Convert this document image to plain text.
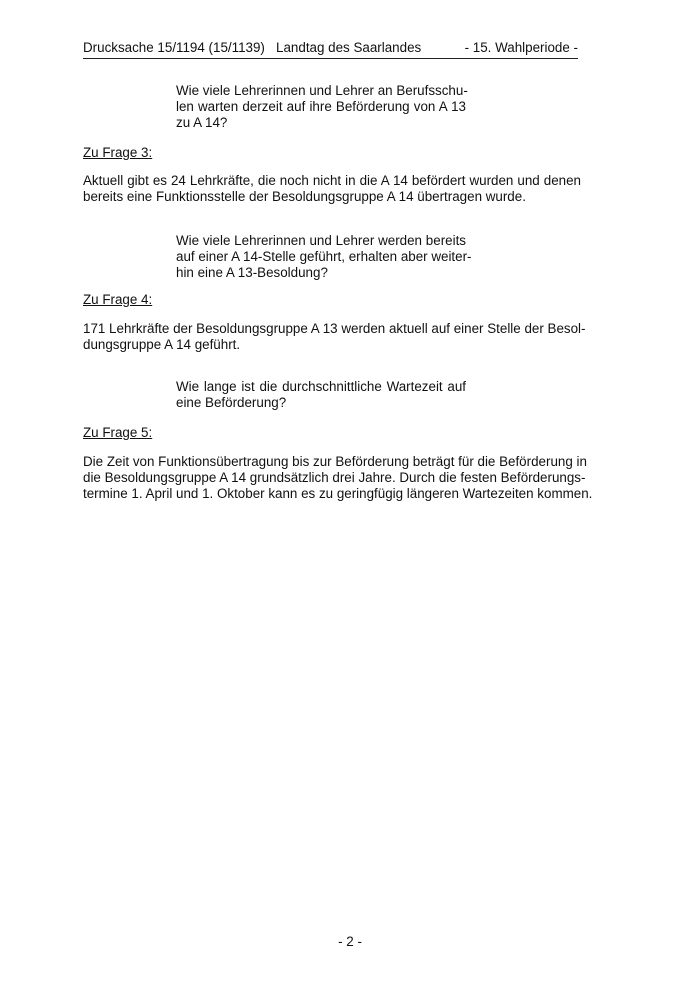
Drucksache 15/1194 (15/1139)   Landtag des Saarlandes	- 15. Wahlperiode -
Wie viele Lehrerinnen und Lehrer an Berufsschu-
len warten derzeit auf ihre Beförderung von A 13
zu A 14?
Zu Frage 3:
Aktuell gibt es 24 Lehrkräfte, die noch nicht in die A 14 befördert wurden und denen
bereits eine Funktionsstelle der Besoldungsgruppe A 14 übertragen wurde.
Wie viele Lehrerinnen und Lehrer werden bereits
auf einer A 14-Stelle geführt, erhalten aber weiter-
hin eine A 13-Besoldung?
Zu Frage 4:
171 Lehrkräfte der Besoldungsgruppe A 13 werden aktuell auf einer Stelle der Besol-
dungsgruppe A 14 geführt.
Wie lange ist die durchschnittliche Wartezeit auf
eine Beförderung?
Zu Frage 5:
Die Zeit von Funktionsübertragung bis zur Beförderung beträgt für die Beförderung in
die Besoldungsgruppe A 14 grundsätzlich drei Jahre. Durch die festen Beförderungs-
termine 1. April und 1. Oktober kann es zu geringfügig längeren Wartezeiten kommen.
- 2 -
